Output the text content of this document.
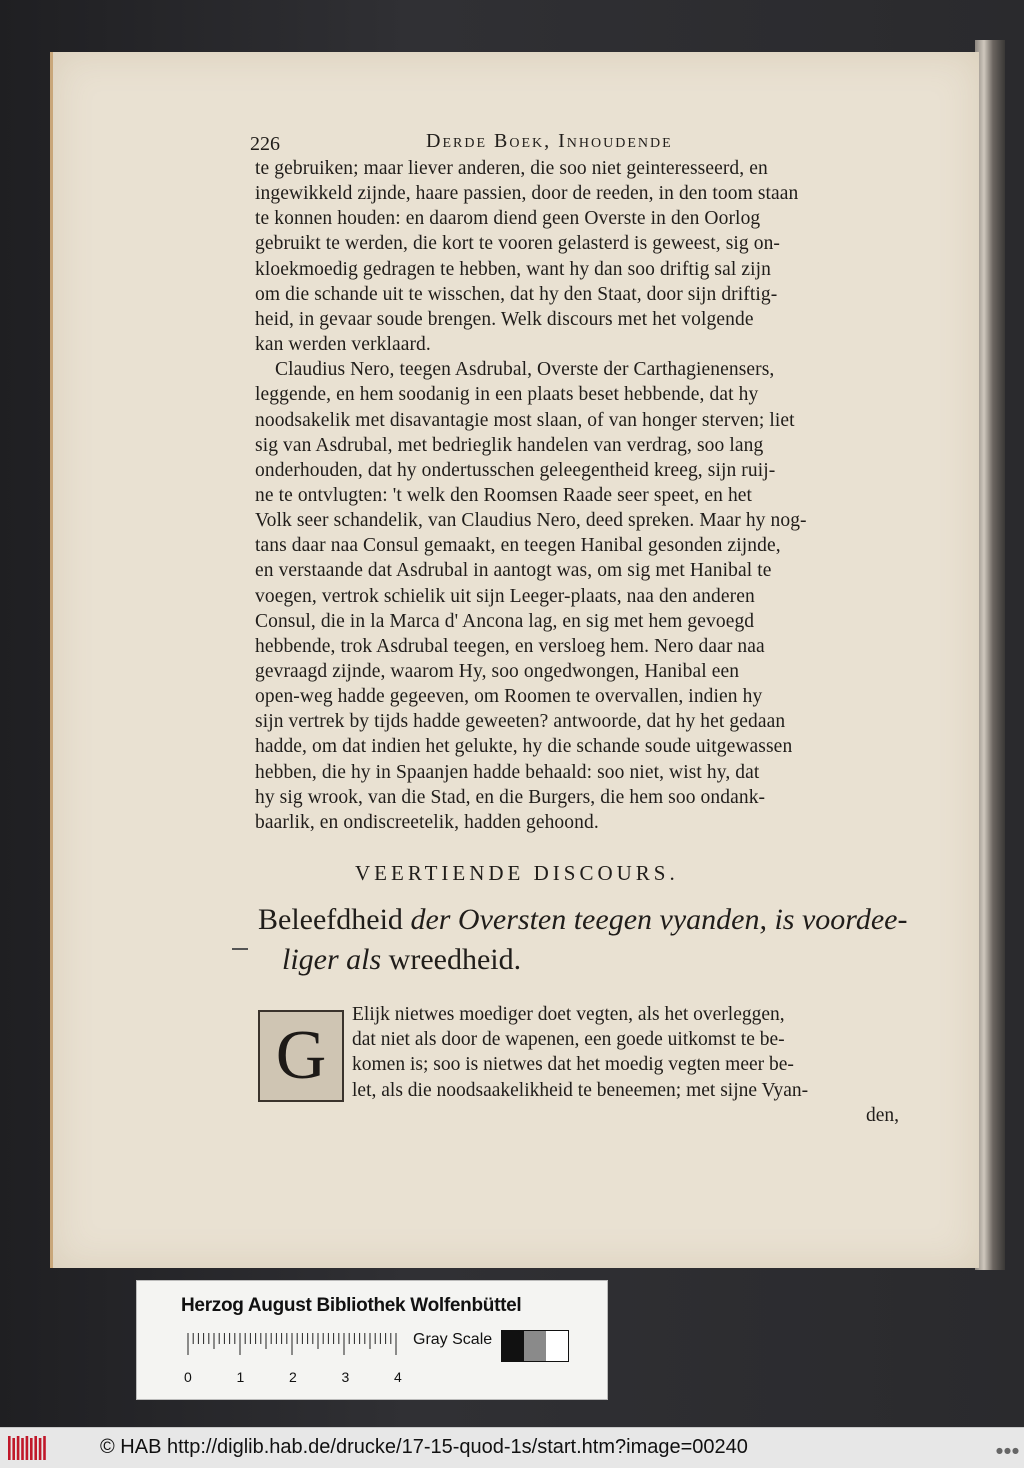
226	Derde Boek, Inhoudende
te gebruiken; maar liever anderen, die soo niet geinteresseerd, en
ingewikkeld zijnde, haare passien, door de reeden, in den toom staan
te konnen houden: en daarom diend geen Overste in den Oorlog
gebruikt te werden, die kort te vooren gelasterd is geweest, sig on-
kloekmoedig gedragen te hebben, want hy dan soo driftig sal zijn
om die schande uit te wisschen, dat hy den Staat, door sijn driftig-
heid, in gevaar soude brengen. Welk discours met het volgende
kan werden verklaard.
Claudius Nero, teegen Asdrubal, Overste der Carthagienensers,
leggende, en hem soodanig in een plaats beset hebbende, dat hy
noodsakelik met disavantagie most slaan, of van honger sterven; liet
sig van Asdrubal, met bedrieglik handelen van verdrag, soo lang
onderhouden, dat hy ondertusschen geleegentheid kreeg, sijn ruij-
ne te ontvlugten: 't welk den Roomsen Raade seer speet, en het
Volk seer schandelik, van Claudius Nero, deed spreken. Maar hy nog-
tans daar naa Consul gemaakt, en teegen Hanibal gesonden zijnde,
en verstaande dat Asdrubal in aantogt was, om sig met Hanibal te
voegen, vertrok schielik uit sijn Leeger-plaats, naa den anderen
Consul, die in la Marca d' Ancona lag, en sig met hem gevoegd
hebbende, trok Asdrubal teegen, en versloeg hem. Nero daar naa
gevraagd zijnde, waarom Hy, soo ongedwongen, Hanibal een
open-weg hadde gegeeven, om Roomen te overvallen, indien hy
sijn vertrek by tijds hadde geweeten? antwoorde, dat hy het gedaan
hadde, om dat indien het gelukte, hy die schande soude uitgewassen
hebben, die hy in Spaanjen hadde behaald: soo niet, wist hy, dat
hy sig wrook, van die Stad, en die Burgers, die hem soo ondank-
baarlik, en ondiscreetelik, hadden gehoond.
VEERTIENDE DISCOURS.
Beleefdheid der Oversten teegen vyanden, is voordee-
liger als wreedheid.
G
Elijk nietwes moediger doet vegten, als het overleggen,
dat niet als door de wapenen, een goede uitkomst te be-
komen is; soo is nietwes dat het moedig vegten meer be-
let, als die noodsaakelikheid te beneemen; met sijne Vyan-
den,
Herzog August Bibliothek Wolfenbüttel
0	1	2	3	4
Gray Scale
© HAB http://diglib.hab.de/drucke/17-15-quod-1s/start.htm?image=00240	●●●
